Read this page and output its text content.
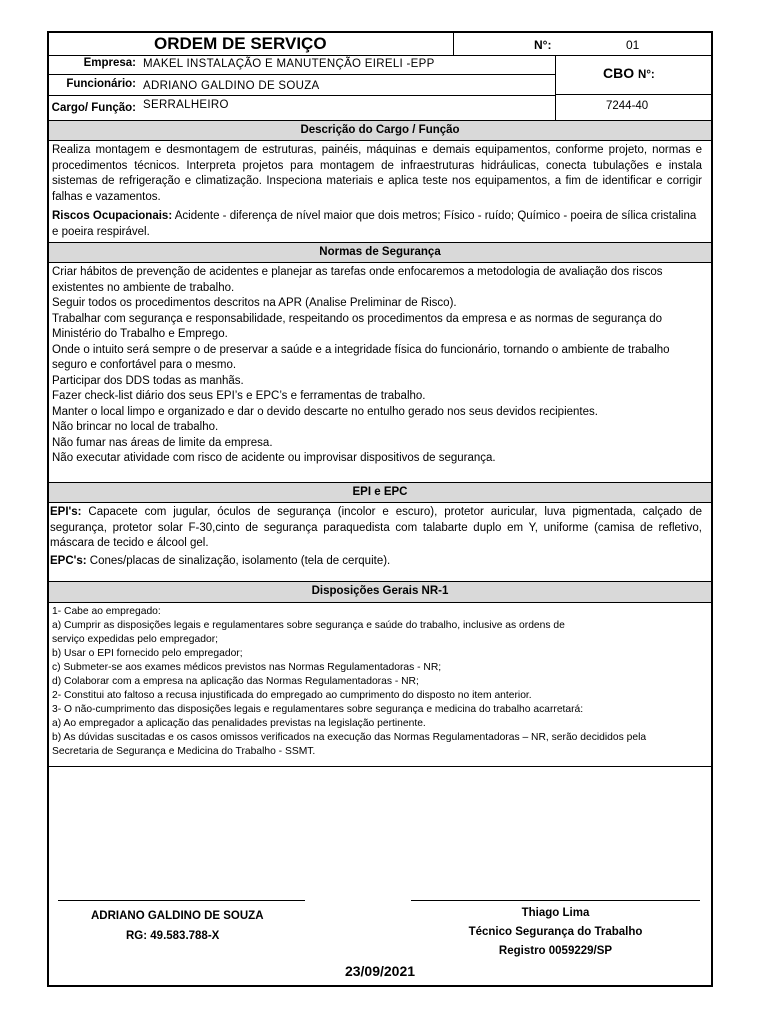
ORDEM DE SERVIÇO	N°:	01
Empresa: MAKEL INSTALAÇÃO E MANUTENÇÃO EIRELI -EPP
Funcionário: ADRIANO GALDINO DE SOUZA
Cargo/ Função: SERRALHEIRO
CBO N°:
7244-40
Descrição do Cargo / Função

Realiza montagem e desmontagem de estruturas, painéis, máquinas e demais equipamentos, conforme projeto, normas e procedimentos técnicos. Interpreta projetos para montagem de infraestruturas hidráulicas, conecta tubulações e instala sistemas de refrigeração e climatização. Inspeciona materiais e aplica teste nos equipamentos, a fim de identificar e corrigir falhas e vazamentos.

Riscos Ocupacionais: Acidente - diferença de nível maior que dois metros; Físico - ruído; Químico - poeira de sílica cristalina e poeira respirável.

Normas de Segurança

Criar hábitos de prevenção de acidentes e planejar as tarefas onde enfocaremos a metodologia de avaliação dos riscos existentes no ambiente de trabalho.

Seguir todos os procedimentos descritos na APR (Analise Preliminar de Risco).

Trabalhar com segurança e responsabilidade, respeitando os procedimentos da empresa e as normas de segurança do Ministério do Trabalho e Emprego.

Onde o intuito será sempre o de preservar a saúde e a integridade física do funcionário, tornando o ambiente de trabalho seguro e confortável para o mesmo.

Participar dos DDS todas as manhãs.

Fazer check-list diário dos seus EPI’s e EPC’s e ferramentas de trabalho.

Manter o local limpo e organizado e dar o devido descarte no entulho gerado nos seus devidos recipientes.

Não brincar no local de trabalho.

Não fumar nas áreas de limite da empresa.

Não executar atividade com risco de acidente ou improvisar dispositivos de segurança.

EPI e EPC

EPI's: Capacete com jugular, óculos de segurança (incolor e escuro), protetor auricular, luva pigmentada, calçado de segurança, protetor solar F-30,cinto de segurança paraquedista com talabarte duplo em Y, uniforme (camisa de refletivo, máscara de tecido e álcool gel.

EPC's: Cones/placas de sinalização, isolamento (tela de cerquite).

Disposições Gerais NR-1

1- Cabe ao empregado:

a) Cumprir as disposições legais e regulamentares sobre segurança e saúde do trabalho, inclusive as ordens de

serviço expedidas pelo empregador;

b) Usar o EPI fornecido pelo empregador;

c) Submeter-se aos exames médicos previstos nas Normas Regulamentadoras - NR;

d) Colaborar com a empresa na aplicação das Normas Regulamentadoras - NR;

2- Constitui ato faltoso a recusa injustificada do empregado ao cumprimento do disposto no item anterior.

3- O não-cumprimento das disposições legais e regulamentares sobre segurança e medicina do trabalho acarretará:

a) Ao empregador a aplicação das penalidades previstas na legislação pertinente.

b) As dúvidas suscitadas e os casos omissos verificados na execução das Normas Regulamentadoras – NR, serão decididos pela

Secretaria de Segurança e Medicina do Trabalho - SSMT.

ADRIANO GALDINO DE SOUZA
RG: 49.583.788-X
Thiago Lima
Técnico Segurança do Trabalho
Registro 0059229/SP
23/09/2021
